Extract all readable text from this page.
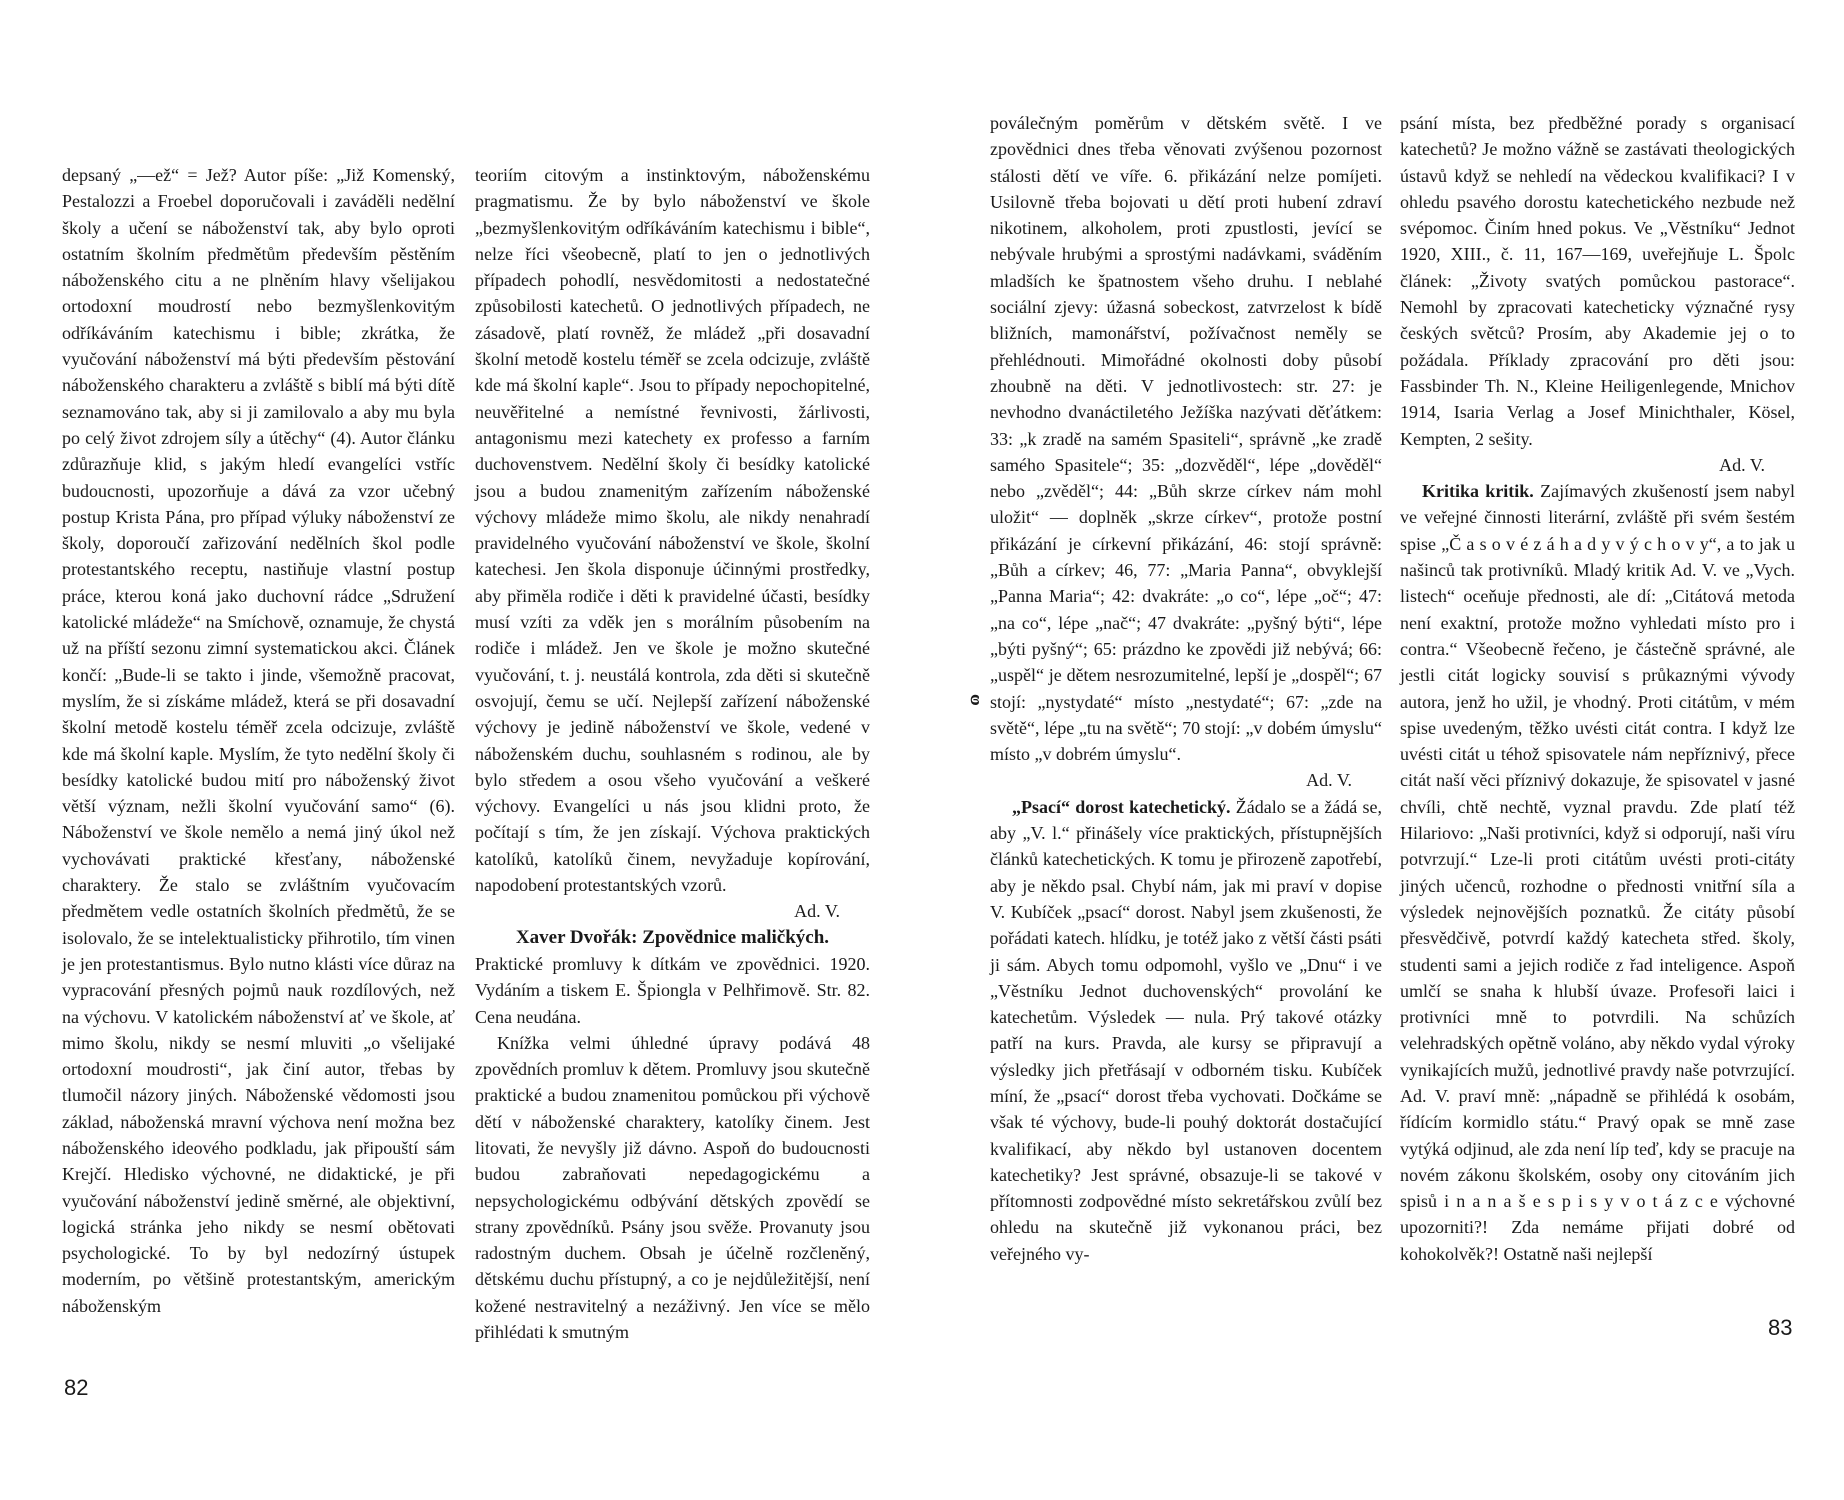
depsaný „—ež“ = Jež? Autor píše: „Již Komenský, Pestalozzi a Froebel doporučovali i zaváděli nedělní školy a učení se náboženství tak, aby bylo oproti ostatním školním předmětům především pěstěním náboženského citu a ne plněním hlavy všelijakou ortodoxní moudrostí nebo bezmyšlenkovitým odříkáváním katechismu i bible; zkrátka, že vyučování náboženství má býti především pěstování náboženského charakteru a zvláště s biblí má býti dítě seznamováno tak, aby si ji zamilovalo a aby mu byla po celý život zdrojem síly a útěchy“ (4). Autor článku zdůrazňuje klid, s jakým hledí evangelíci vstříc budoucnosti, upozorňuje a dává za vzor učebný postup Krista Pána, pro případ výluky náboženství ze školy, doporoučí zařizování nedělních škol podle protestantského receptu, nastiňuje vlastní postup práce, kterou koná jako duchovní rádce „Sdružení katolické mládeže“ na Smíchově, oznamuje, že chystá už na příští sezonu zimní systematickou akci. Článek končí: „Bude-li se takto i jinde, všemožně pracovat, myslím, že si získáme mládež, která se při dosavadní školní metodě kostelu téměř zcela odcizuje, zvláště kde má školní kaple. Myslím, že tyto nedělní školy či besídky katolické budou mití pro náboženský život větší význam, nežli školní vyučování samo“ (6). Náboženství ve škole nemělo a nemá jiný úkol než vychovávati praktické křesťany, náboženské charaktery. Že stalo se zvláštním vyučovacím předmětem vedle ostatních školních předmětů, že se isolovalo, že se intelektualisticky přihrotilo, tím vinen je jen protestantismus. Bylo nutno klásti více důraz na vypracování přesných pojmů nauk rozdílových, než na výchovu. V katolickém náboženství ať ve škole, ať mimo školu, nikdy se nesmí mluviti „o všelijaké ortodoxní moudrosti“, jak činí autor, třebas by tlumočil názory jiných. Náboženské vědomosti jsou základ, náboženská mravní výchova není možna bez náboženského ideového podkladu, jak připouští sám Krejčí. Hledisko výchovné, ne didaktické, je při vyučování náboženství jedině směrné, ale objektivní, logická stránka jeho nikdy se nesmí obětovati psychologické. To by byl nedozírný ústupek moderním, po většině protestantským, americkým náboženským

teoriím citovým a instinktovým, náboženskému pragmatismu. Že by bylo náboženství ve škole „bezmyšlenkovitým odříkáváním katechismu i bible“, nelze říci všeobecně, platí to jen o jednotlivých případech pohodlí, nesvědomitosti a nedostatečné způsobilosti katechetů. O jednotlivých případech, ne zásadově, platí rovněž, že mládež „při dosavadní školní metodě kostelu téměř se zcela odcizuje, zvláště kde má školní kaple“. Jsou to případy nepochopitelné, neuvěřitelné a nemístné řevnivosti, žárlivosti, antagonismu mezi katechety ex professo a farním duchovenstvem. Nedělní školy či besídky katolické jsou a budou znamenitým zařízením náboženské výchovy mládeže mimo školu, ale nikdy nenahradí pravidelného vyučování náboženství ve škole, školní katechesi. Jen škola disponuje účinnými prostředky, aby přiměla rodiče i děti k pravidelné účasti, besídky musí vzíti za vděk jen s morálním působením na rodiče i mládež. Jen ve škole je možno skutečné vyučování, t. j. neustálá kontrola, zda děti si skutečně osvojují, čemu se učí. Nejlepší zařízení náboženské výchovy je jedině náboženství ve škole, vedené v náboženském duchu, souhlasném s rodinou, ale by bylo středem a osou všeho vyučování a veškeré výchovy. Evangelíci u nás jsou klidni proto, že počítají s tím, že jen získají. Výchova praktických katolíků, katolíků činem, nevyžaduje kopírování, napodobení protestantských vzorů.

Ad. V.

Xaver Dvořák: Zpovědnice maličkých.

Praktické promluvy k dítkám ve zpovědnici. 1920. Vydáním a tiskem E. Špiongla v Pelhřimově. Str. 82. Cena neudána.

Knížka velmi úhledné úpravy podává 48 zpovědních promluv k dětem. Promluvy jsou skutečně praktické a budou znamenitou pomůckou při výchově dětí v náboženské charaktery, katolíky činem. Jest litovati, že nevyšly již dávno. Aspoň do budoucnosti budou zabraňovati nepedagogickému a nepsychologickému odbývání dětských zpovědí se strany zpovědníků. Psány jsou svěže. Provanuty jsou radostným duchem. Obsah je účelně rozčleněný, dětskému duchu přístupný, a co je nejdůležitější, není kožené nestravitelný a nezáživný. Jen více se mělo přihlédati k smutným

82

poválečným poměrům v dětském světě. I ve zpovědnici dnes třeba věnovati zvýšenou pozornost stálosti dětí ve víře. 6. přikázání nelze pomíjeti. Usilovně třeba bojovati u dětí proti hubení zdraví nikotinem, alkoholem, proti zpustlosti, jevící se nebývale hrubými a sprostými nadávkami, sváděním mladších ke špatnostem všeho druhu. I neblahé sociální zjevy: úžasná sobeckost, zatvrzelost k bídě bližních, mamonářství, požívačnost neměly se přehlédnouti. Mimořádné okolnosti doby působí zhoubně na děti. V jednotlivostech: str. 27: je nevhodno dvanáctiletého Ježíška nazývati děťátkem: 33: „k zradě na samém Spasiteli“, správně „ke zradě samého Spasitele“; 35: „dozvěděl“, lépe „dověděl“ nebo „zvěděl“; 44: „Bůh skrze církev nám mohl uložit“ — doplněk „skrze církev“, protože postní přikázání je církevní přikázání, 46: stojí správně: „Bůh a církev; 46, 77: „Maria Panna“, obvyklejší „Panna Maria“; 42: dvakráte: „o co“, lépe „oč“; 47: „na co“, lépe „nač“; 47 dvakráte: „pyšný býti“, lépe „býti pyšný“; 65: prázdno ke zpovědi již nebývá; 66: „uspěl“ je dětem nesrozumitelné, lepší je „dospěl“; 67 stojí: „nystydaté“ místo „nestydaté“; 67: „zde na světě“, lépe „tu na světě“; 70 stojí: „v dobém úmyslu“ místo „v dobrém úmyslu“.

Ad. V.

„Psací“ dorost katechetický. Žádalo se a žádá se, aby „V. l.“ přinášely více praktických, přístupnějších článků katechetických. K tomu je přirozeně zapotřebí, aby je někdo psal. Chybí nám, jak mi praví v dopise V. Kubíček „psací“ dorost. Nabyl jsem zkušenosti, že pořádati katech. hlídku, je totéž jako z větší části psáti ji sám. Abych tomu odpomohl, vyšlo ve „Dnu“ i ve „Věstníku Jednot duchovenských“ provolání ke katechetům. Výsledek — nula. Prý takové otázky patří na kurs. Pravda, ale kursy se připravují a výsledky jich přetřásají v odborném tisku. Kubíček míní, že „psací“ dorost třeba vychovati. Dočkáme se však té výchovy, bude-li pouhý doktorát dostačující kvalifikací, aby někdo byl ustanoven docentem katechetiky? Jest správné, obsazuje-li se takové v přítomnosti zodpovědné místo sekretářskou zvůlí bez ohledu na skutečně již vykonanou práci, bez veřejného vy-

psání místa, bez předběžné porady s organisací katechetů? Je možno vážně se zastávati theologických ústavů když se nehledí na vědeckou kvalifikaci? I v ohledu psavého dorostu katechetického nezbude než svépomoc. Činím hned pokus. Ve „Věstníku“ Jednot 1920, XIII., č. 11, 167—169, uveřejňuje L. Špolc článek: „Životy svatých pomůckou pastorace“. Nemohl by zpracovati katecheticky význačné rysy českých světců? Prosím, aby Akademie jej o to požádala. Příklady zpracování pro děti jsou: Fassbinder Th. N., Kleine Heiligenlegende, Mnichov 1914, Isaria Verlag a Josef Minichthaler, Kösel, Kempten, 2 sešity.

Ad. V.

Kritika kritik. Zajímavých zkušeností jsem nabyl ve veřejné činnosti literární, zvláště při svém šestém spise „Č a s o v é z á h a d y v ý c h o v y“, a to jak u našinců tak protivníků. Mladý kritik Ad. V. ve „Vych. listech“ oceňuje přednosti, ale dí: „Citátová metoda není exaktní, protože možno vyhledati místo pro i contra.“ Všeobecně řečeno, je částečně správné, ale jestli citát logicky souvisí s průkaznými vývody autora, jenž ho užil, je vhodný. Proti citátům, v mém spise uvedeným, těžko uvésti citát contra. I když lze uvésti citát u téhož spisovatele nám nepříznivý, přece citát naší věci příznivý dokazuje, že spisovatel v jasné chvíli, chtě nechtě, vyznal pravdu. Zde platí též Hilariovo: „Naši protivníci, když si odporují, naši víru potvrzují.“ Lze-li proti citátům uvésti proti-citáty jiných učenců, rozhodne o přednosti vnitřní síla a výsledek nejnovějších poznatků. Že citáty působí přesvědčivě, potvrdí každý katecheta střed. školy, studenti sami a jejich rodiče z řad inteligence. Aspoň umlčí se snaha k hlubší úvaze. Profesoři laici i protivníci mně to potvrdili. Na schůzích velehradských opětně voláno, aby někdo vydal výroky vynikajících mužů, jednotlivé pravdy naše potvrzující. Ad. V. praví mně: „nápadně se přihlédá k osobám, řídícím kormidlo státu.“ Pravý opak se mně zase vytýká odjinud, ale zda není líp teď, kdy se pracuje na novém zákonu školském, osoby ony citováním jich spisů i n a n a š e s p i s y v o t á z c e výchovné upozorniti?! Zda nemáme přijati dobré od kohokolvěk?! Ostatně naši nejlepší

ɞ
83
